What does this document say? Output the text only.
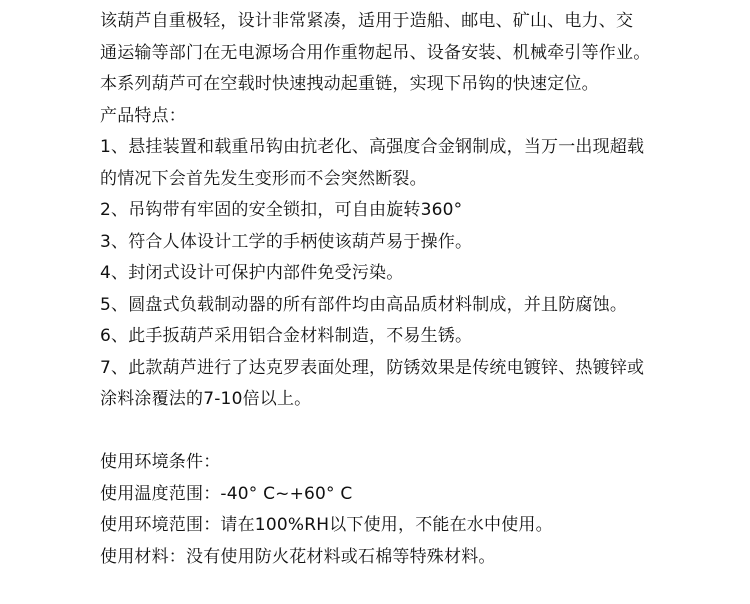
该葫芦自重极轻，设计非常紧凑，适用于造船、邮电、矿山、电力、交
通运输等部门在无电源场合用作重物起吊、设备安装、机械牵引等作业。
本系列葫芦可在空载时快速拽动起重链，实现下吊钩的快速定位。
产品特点：
1、悬挂装置和载重吊钩由抗老化、高强度合金钢制成，当万一出现超载
的情况下会首先发生变形而不会突然断裂。
2、吊钩带有牢固的安全锁扣，可自由旋转360°
3、符合人体设计工学的手柄使该葫芦易于操作。
4、封闭式设计可保护内部件免受污染。
5、圆盘式负载制动器的所有部件均由高品质材料制成，并且防腐蚀。
6、此手扳葫芦采用铝合金材料制造，不易生锈。
7、此款葫芦进行了达克罗表面处理，防锈效果是传统电镀锌、热镀锌或
涂料涂覆法的7-10倍以上。
使用环境条件：
使用温度范围：-40° C~+60° C
使用环境范围：请在100%RH以下使用，不能在水中使用。
使用材料：没有使用防火花材料或石棉等特殊材料。
